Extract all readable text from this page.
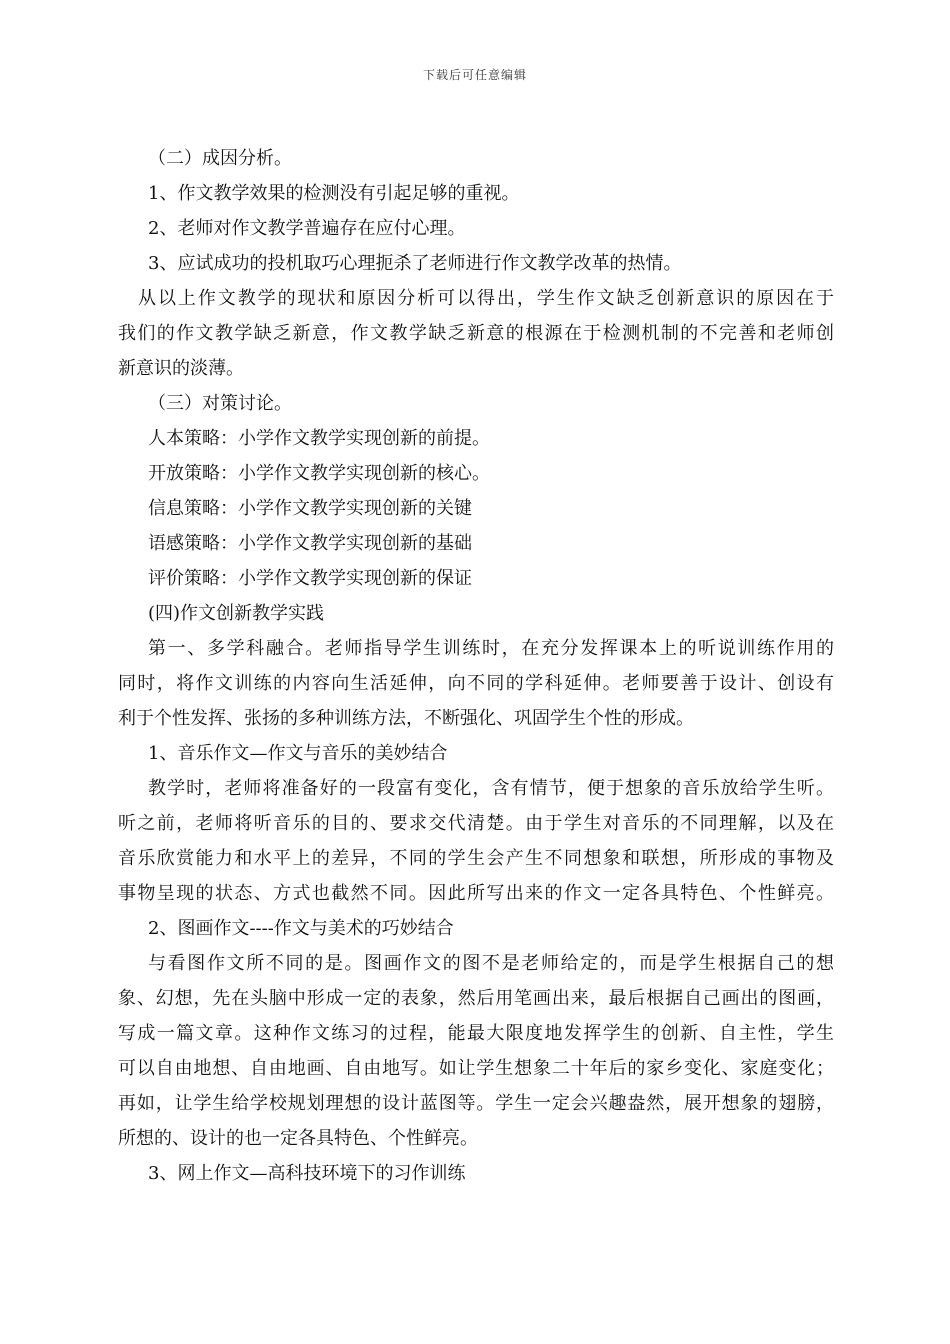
下载后可任意编辑
（二）成因分析。
1、作文教学效果的检测没有引起足够的重视。
2、老师对作文教学普遍存在应付心理。
3、应试成功的投机取巧心理扼杀了老师进行作文教学改革的热情。
从以上作文教学的现状和原因分析可以得出，学生作文缺乏创新意识的原因在于
我们的作文教学缺乏新意，作文教学缺乏新意的根源在于检测机制的不完善和老师创
新意识的淡薄。
（三）对策讨论。
人本策略：小学作文教学实现创新的前提。
开放策略：小学作文教学实现创新的核心。
信息策略：小学作文教学实现创新的关键
语感策略：小学作文教学实现创新的基础
评价策略：小学作文教学实现创新的保证
(四)作文创新教学实践
第一、多学科融合。老师指导学生训练时，在充分发挥课本上的听说训练作用的
同时，将作文训练的内容向生活延伸，向不同的学科延伸。老师要善于设计、创设有
利于个性发挥、张扬的多种训练方法，不断强化、巩固学生个性的形成。
1、音乐作文—作文与音乐的美妙结合
教学时，老师将准备好的一段富有变化，含有情节，便于想象的音乐放给学生听。
听之前，老师将听音乐的目的、要求交代清楚。由于学生对音乐的不同理解，以及在
音乐欣赏能力和水平上的差异，不同的学生会产生不同想象和联想，所形成的事物及
事物呈现的状态、方式也截然不同。因此所写出来的作文一定各具特色、个性鲜亮。
2、图画作文----作文与美术的巧妙结合
与看图作文所不同的是。图画作文的图不是老师给定的，而是学生根据自己的想
象、幻想，先在头脑中形成一定的表象，然后用笔画出来，最后根据自己画出的图画，
写成一篇文章。这种作文练习的过程，能最大限度地发挥学生的创新、自主性，学生
可以自由地想、自由地画、自由地写。如让学生想象二十年后的家乡变化、家庭变化；
再如，让学生给学校规划理想的设计蓝图等。学生一定会兴趣盎然，展开想象的翅膀，
所想的、设计的也一定各具特色、个性鲜亮。
3、网上作文—高科技环境下的习作训练
